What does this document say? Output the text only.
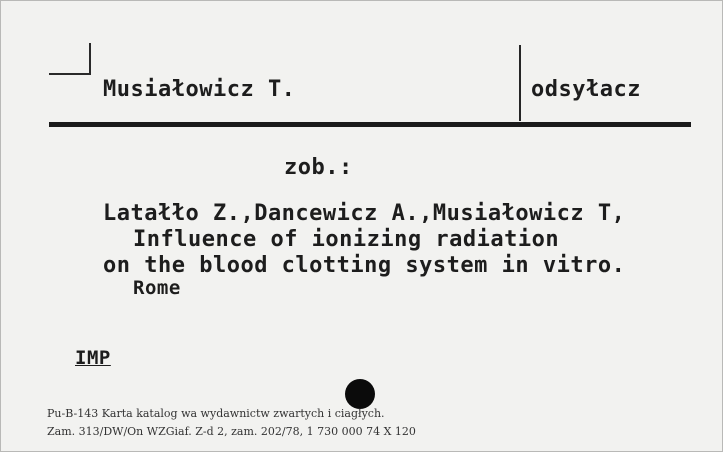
Musiałowicz T.	odsyłacz
zob.:
Latałło Z.,Dancewicz A.,Musiałowicz T,
Influence of ionizing radiation
on the blood clotting system in vitro.
Rome
IMP
Pu-B-143 Karta katalog wa wydawnictw zwartych i ciagłych.
Zam. 313/DW/On WZGiaf. Z-d 2, zam. 202/78, 1 730 000 74 X 120
